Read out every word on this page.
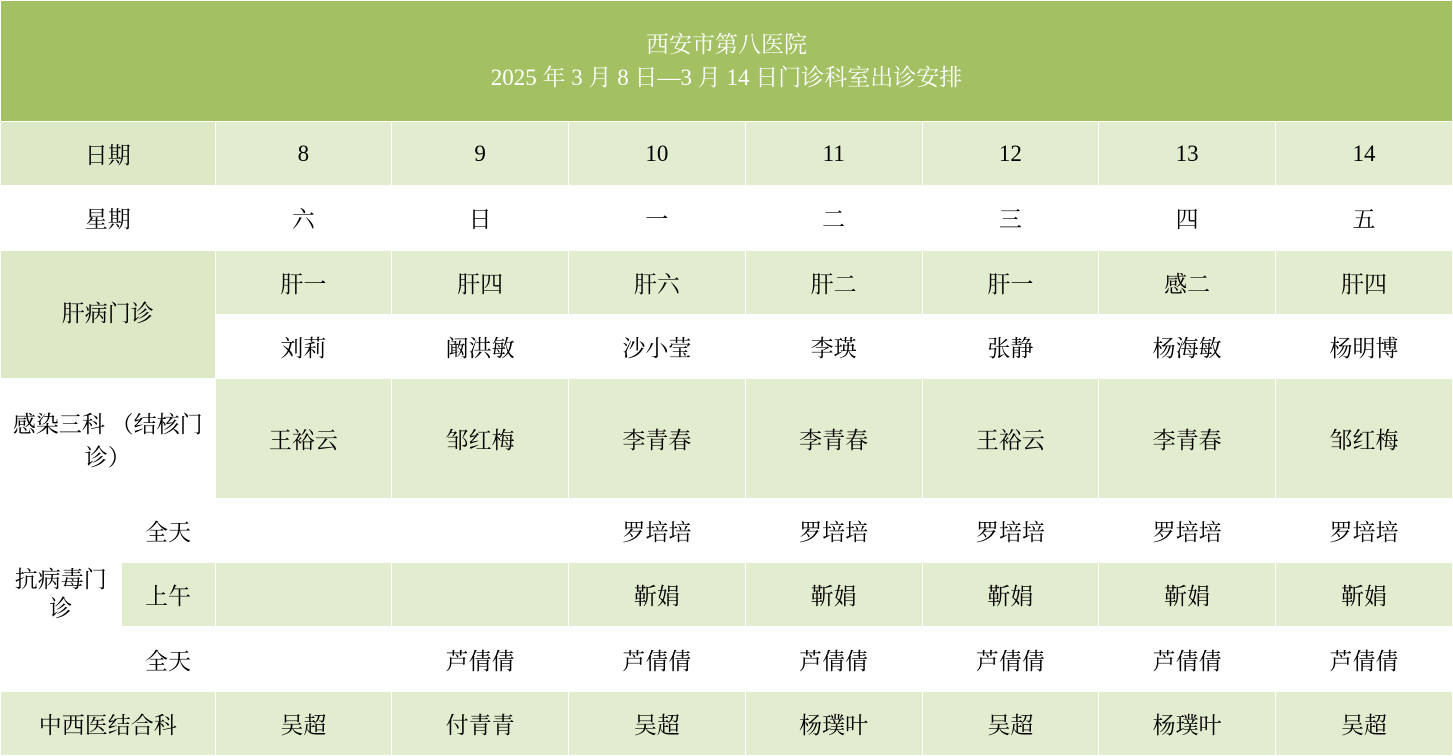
西安市第八医院
2025 年 3 月 8 日—3 月 14 日门诊科室出诊安排								

日期		8	9	10	11	12	13	14
星期		六	日	一	二	三	四	五
肝病门诊		肝一	肝四	肝六	肝二	肝一	感二	肝四
		刘莉	阚洪敏	沙小莹	李瑛	张静	杨海敏	杨明博
感染三科 （结核门诊）		王裕云	邹红梅	李青春	李青春	王裕云	李青春	邹红梅
抗病毒门诊	全天			罗培培	罗培培	罗培培	罗培培	罗培培
	上午			靳娟	靳娟	靳娟	靳娟	靳娟
	全天		芦倩倩	芦倩倩	芦倩倩	芦倩倩	芦倩倩	芦倩倩
中西医结合科		吴超	付青青	吴超	杨璞叶	吴超	杨璞叶	吴超
